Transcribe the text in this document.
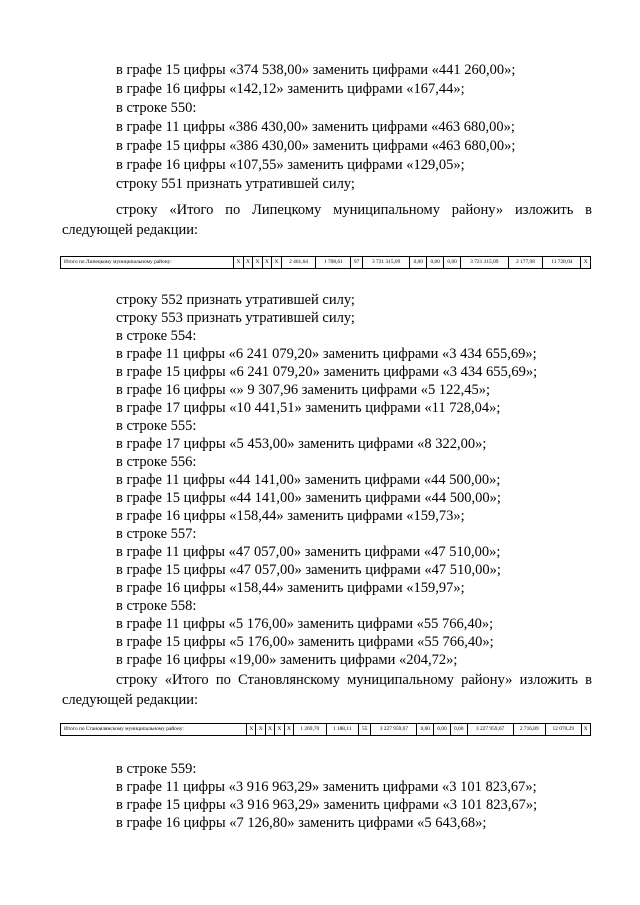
в графе 15 цифры «374 538,00» заменить цифрами «441 260,00»;
в графе 16 цифры «142,12» заменить цифрами «167,44»;
в строке 550:
в графе 11 цифры «386 430,00» заменить цифрами «463 680,00»;
в графе 15 цифры «386 430,00» заменить цифрами «463 680,00»;
в графе 16 цифры «107,55» заменить цифрами «129,05»;
строку 551 признать утратившей силу;
строку «Итого по Липецкому муниципальному району» изложить в
следующей редакции:
Итого по Липецкому муниципальному району:	X	X	X	X	X	2 461,64	1 708,61	97	3 721 315,09	0,00	0,00	0,00	3 721 315,09	2 177,98	11 728,04	X
строку 552 признать утратившей силу;
строку 553 признать утратившей силу;
в строке 554:
в графе 11 цифры «6 241 079,20» заменить цифрами «3 434 655,69»;
в графе 15 цифры «6 241 079,20» заменить цифрами «3 434 655,69»;
в графе 16 цифры «» 9 307,96 заменить цифрами «5 122,45»;
в графе 17 цифры «10 441,51» заменить цифрами «11 728,04»;
в строке 555:
в графе 17 цифры «5 453,00» заменить цифрами «8 322,00»;
в строке 556:
в графе 11 цифры «44 141,00» заменить цифрами «44 500,00»;
в графе 15 цифры «44 141,00» заменить цифрами «44 500,00»;
в графе 16 цифры «158,44» заменить цифрами «159,73»;
в строке 557:
в графе 11 цифры «47 057,00» заменить цифрами «47 510,00»;
в графе 15 цифры «47 057,00» заменить цифрами «47 510,00»;
в графе 16 цифры «158,44» заменить цифрами «159,97»;
в строке 558:
в графе 11 цифры «5 176,00» заменить цифрами «55 766,40»;
в графе 15 цифры «5 176,00» заменить цифрами «55 766,40»;
в графе 16 цифры «19,00» заменить цифрами «204,72»;
строку «Итого по Становлянскому муниципальному району» изложить в
следующей редакции:
Итого по Становлянскому муниципальному району:	X	X	X	X	X	1 269,70	1 188,11	55	3 227 959,67	0,00	0,00	0,00	3 227 959,67	2 716,89	12 070,29	X
в строке 559:
в графе 11 цифры «3 916 963,29» заменить цифрами «3 101 823,67»;
в графе 15 цифры «3 916 963,29» заменить цифрами «3 101 823,67»;
в графе 16 цифры «7 126,80» заменить цифрами «5 643,68»;
